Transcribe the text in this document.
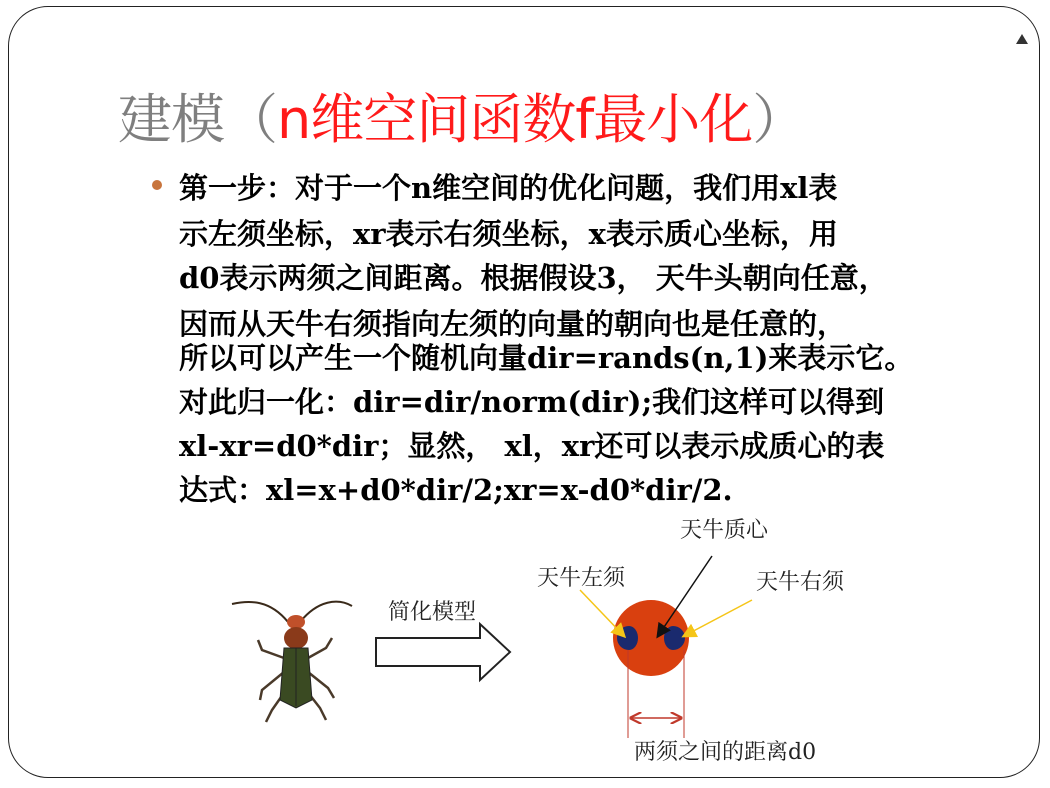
建模（n维空间函数f最小化）
第一步：对于一个n维空间的优化问题，我们用xl表
示左须坐标，xr表示右须坐标，x表示质心坐标，用
d0表示两须之间距离。根据假设3， 天牛头朝向任意，
因而从天牛右须指向左须的向量的朝向也是任意的，
所以可以产生一个随机向量dir=rands(n,1)来表示它。
对此归一化：dir=dir/norm(dir);我们这样可以得到
xl-xr=d0*dir；显然， xl，xr还可以表示成质心的表
达式：xl=x+d0*dir/2;xr=x-d0*dir/2.
简化模型
天牛质心
天牛左须	天牛右须
两须之间的距离d0
